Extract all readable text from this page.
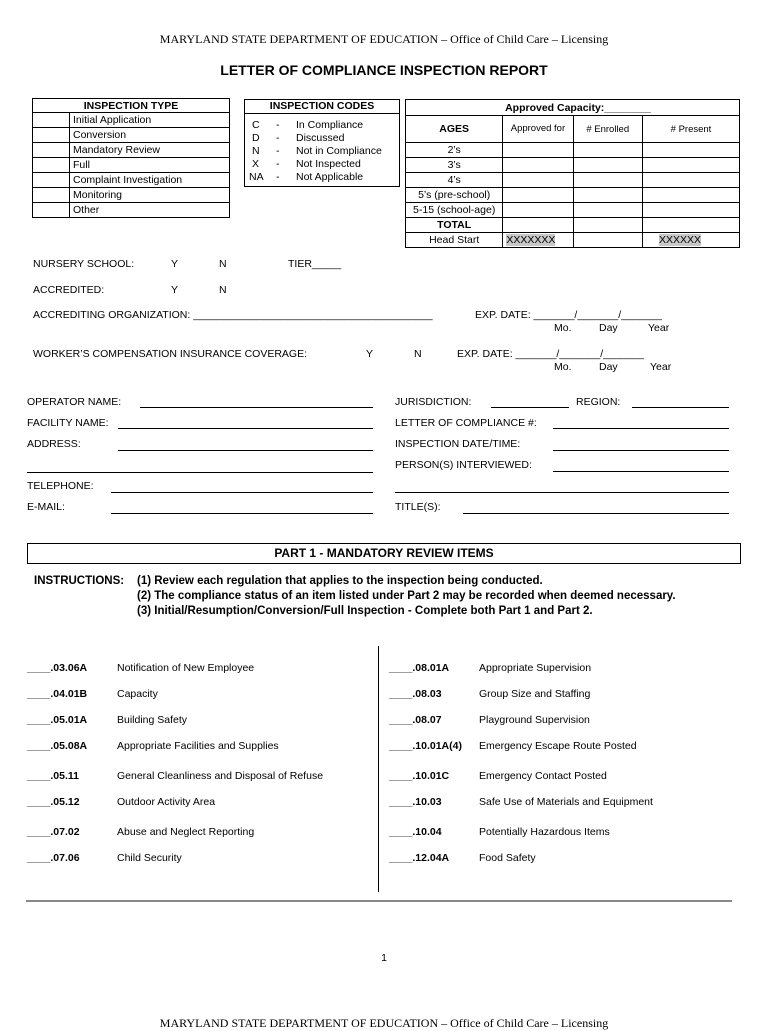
MARYLAND STATE DEPARTMENT OF EDUCATION – Office of Child Care – Licensing
LETTER OF COMPLIANCE INSPECTION REPORT
INSPECTION TYPE	
	Initial Application
	Conversion
	Mandatory Review
	Full
	Complaint Investigation
	Monitoring
	Other
INSPECTION CODES
C	-	In Compliance
D	-	Discussed
N	-	Not in Compliance
X	-	Not Inspected
NA	-	Not Applicable
Approved Capacity:________			
AGES	Approved for	# Enrolled	# Present
2’s			
3’s			
4’s			
5’s (pre-school)			
5-15 (school-age)			
TOTAL			
Head Start	XXXXXXX		XXXXXX
NURSERY SCHOOL:	Y	N	TIER_____
ACCREDITED:	Y	N
ACCREDITING ORGANIZATION: _________________________________________	EXP. DATE: _______/_______/_______
Mo.	Day	Year
WORKER’S COMPENSATION INSURANCE COVERAGE:	Y	N	EXP. DATE: _______/_______/_______
Mo.	Day	Year
OPERATOR NAME:
FACILITY NAME:
ADDRESS:
TELEPHONE:
E-MAIL:
JURISDICTION:	REGION:
LETTER OF COMPLIANCE #:
INSPECTION DATE/TIME:
PERSON(S) INTERVIEWED:
TITLE(S):
PART 1 - MANDATORY REVIEW ITEMS
INSTRUCTIONS: (1) Review each regulation that applies to the inspection being conducted.
(2) The compliance status of an item listed under Part 2 may be recorded when deemed necessary.
(3) Initial/Resumption/Conversion/Full Inspection - Complete both Part 1 and Part 2.
____.03.06A	Notification of New Employee
____.04.01B	Capacity
____.05.01A	Building Safety
____.05.08A	Appropriate Facilities and Supplies
____.05.11	General Cleanliness and Disposal of Refuse
____.05.12	Outdoor Activity Area
____.07.02	Abuse and Neglect Reporting
____.07.06	Child Security
____.08.01A	Appropriate Supervision
____.08.03	Group Size and Staffing
____.08.07	Playground Supervision
____.10.01A(4) Emergency Escape Route Posted
____.10.01C	Emergency Contact Posted
____.10.03	Safe Use of Materials and Equipment
____.10.04	Potentially Hazardous Items
____.12.04A	Food Safety
1
MARYLAND STATE DEPARTMENT OF EDUCATION – Office of Child Care – Licensing
